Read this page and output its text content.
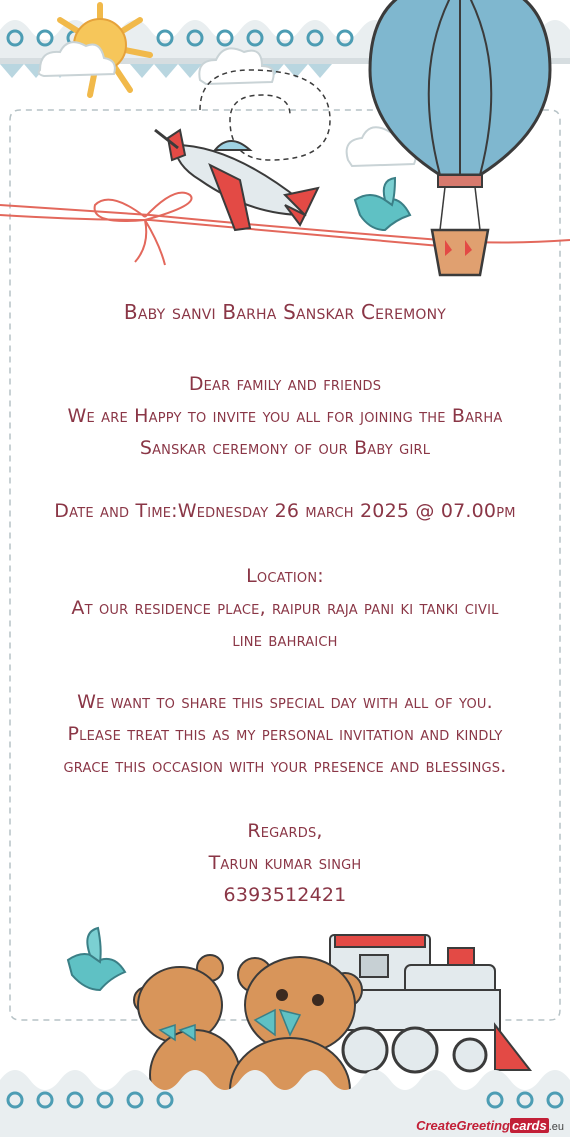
Baby sanvi Barha Sanskar Ceremony
Dear family and friends
We are Happy to invite you all for joining the Barha
Sanskar ceremony of our Baby girl
Date and Time:Wednesday 26 march 2025 @ 07.00pm
Location:
At our residence place, raipur raja pani ki tanki civil
line bahraich
We want to share this special day with all of you.
Please treat this as my personal invitation and kindly
grace this occasion with your presence and blessings.
Regards,
Tarun kumar singh
6393512421
CreateGreeting cards .eu
